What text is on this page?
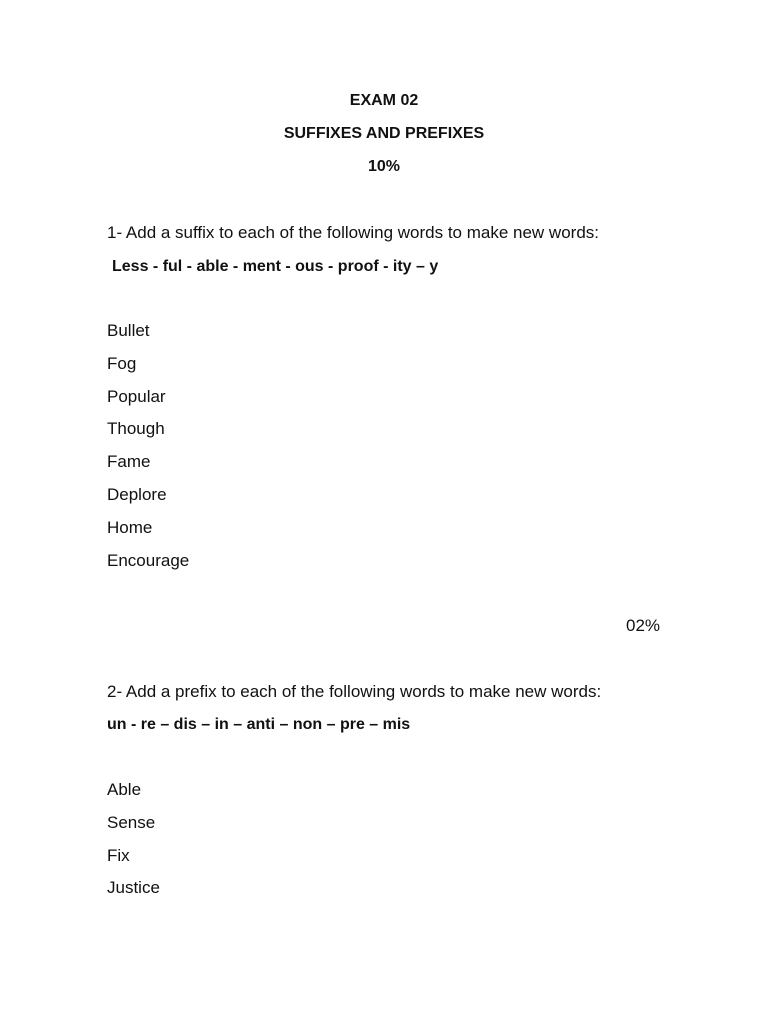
EXAM 02
SUFFIXES AND PREFIXES
10%
1- Add a suffix to each of the following words to make new words:
Less - ful - able - ment - ous - proof - ity – y
Bullet
Fog
Popular
Though
Fame
Deplore
Home
Encourage
02%
2- Add a prefix to each of the following words to make new words:
un - re – dis – in – anti – non – pre – mis
Able
Sense
Fix
Justice
